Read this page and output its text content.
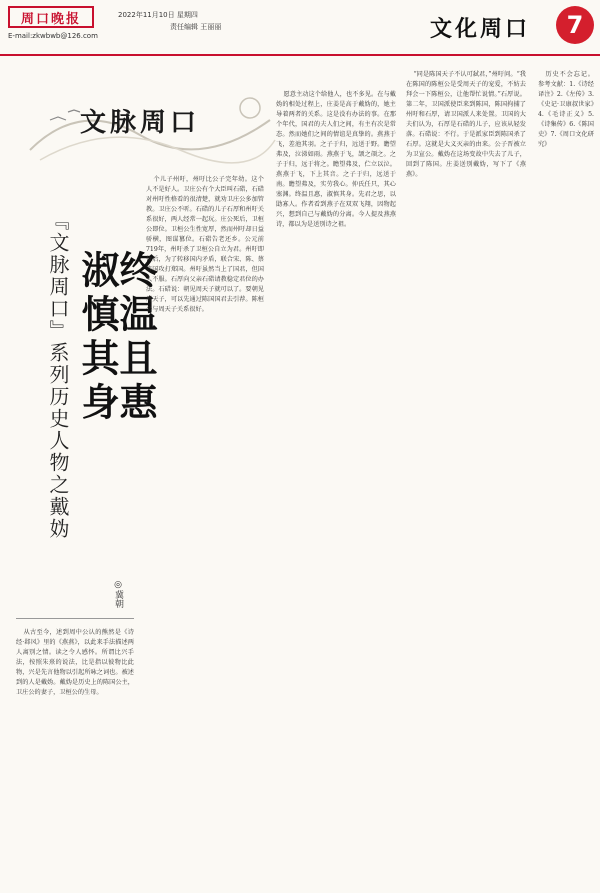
周口晚报
E-mail:zkwbwb@126.com
2022年11月10日 星期四
责任编辑 王丽丽	文化周口	7
文脉周口
『文脉周口』系列历史人物之戴妫 终温且惠
淑慎其身
◎冀朝

从古至今，述到周中公认的熊然是《诗经·邶风》里的《燕燕》，以此来手法描述两人离别之情。读之令人感怀。所谓比兴手法，按照朱熹的说法，比是指以彼物比此物，兴是先言他物以引起所咏之词也。被述到的人是戴妫。戴妫是历史上的陈国公主，卫庄公的妻子，卫桓公的生母。

个儿子州吁，州吁比公子完年幼。这个人不是好人。卫庄公有个大臣叫石碏，石碏对州吁性格看的很清楚，就劝卫庄公多加管教。卫庄公不听。石碏的儿子石厚和州吁关系很好，两人经常一起玩。庄公死后，卫桓公即位。卫桓公生性宽厚，然而州吁却日益骄横，图谋篡位。石碏告老还乡。公元前719年，州吁杀了卫桓公自立为君。州吁即位后，为了转移国内矛盾，联合宋、陈、蔡等国攻打郑国。州吁虽然当上了国君，但国人不服。石厚向父亲石碏请教稳定君位的办法。石碏说：朝见周天子就可以了。要朝见周天子，可以先通过陈国国君去引荐。陈桓公与周天子关系很好。

愿意主动这个给他人，也不多见。在与戴妫的相处过程上，庄姜是高于戴妫的，她主导着两者的关系。这是没有办法的事。在那个年代，国君的夫人们之间，有主有次是常态。然而她们之间的情谊是真挚的。燕燕于飞，差池其羽。之子于归，远送于野。瞻望弗及，泣涕如雨。燕燕于飞，颉之颃之。之子于归，远于将之。瞻望弗及，伫立以泣。燕燕于飞，下上其音。之子于归，远送于南。瞻望弗及，实劳我心。仲氏任只，其心塞渊。终温且惠，淑慎其身。先君之思，以勖寡人。作者看到燕子在双双飞翔，因物起兴，想到自己与戴妫的分离。今人提及燕燕诗，都以为是送别诗之祖。

“同是陈国天子不认可弑君，”州吁问。“我在陈国的陈桓公是受周天子的宠爱，不妨去拜会一下陈桓公，让他帮忙说情。”石厚说。第二年，卫国派使臣来到陈国，陈国拘捕了州吁和石厚，请卫国派人来处置。卫国的大夫们认为，石厚是石碏的儿子，应该从轻发落。石碏说：不行。于是派家臣到陈国杀了石厚。这就是大义灭亲的由来。公子晋被立为卫宣公。戴妫在这场变故中失去了儿子，回到了陈国。庄姜送别戴妫，写下了《燕燕》。

历史不会忘记。参考文献：1.《诗经译注》2.《左传》3.《史记·卫康叔世家》4.《毛诗正义》5.《诗集传》6.《陈国史》7.《周口文化研究》
